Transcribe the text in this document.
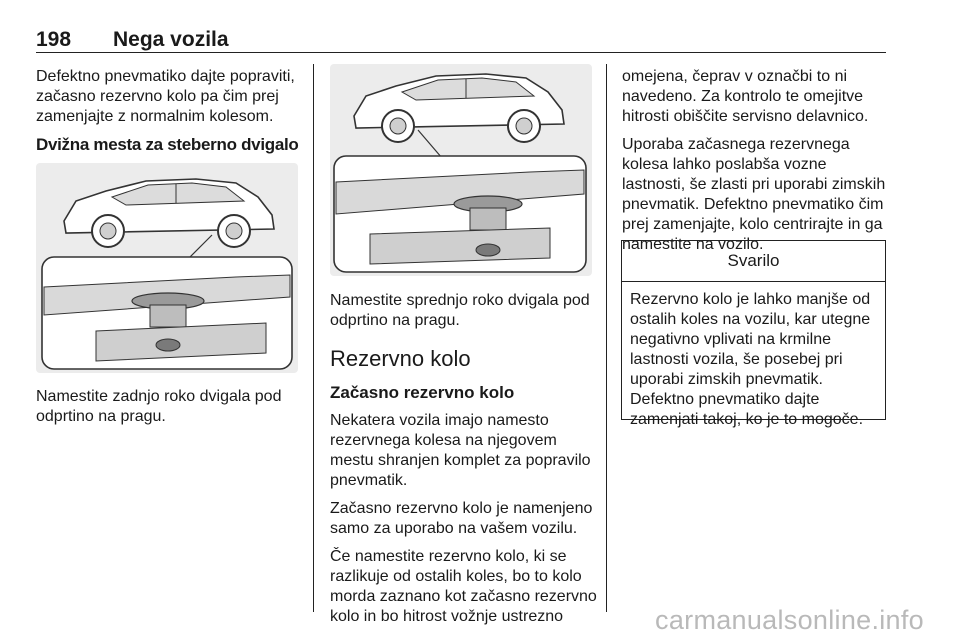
198 Nega vozila

Defektno pnevmatiko dajte popraviti,
začasno rezervno kolo pa čim prej
zamenjajte z normalnim kolesom.

Dvižna mesta za steberno dvigalo

Namestite zadnjo roko dvigala pod
odprtino na pragu.

Namestite sprednjo roko dvigala pod
odprtino na pragu.

Rezervno kolo
Začasno rezervno kolo

Nekatera vozila imajo namesto
rezervnega kolesa na njegovem
mestu shranjen komplet za popravilo
pnevmatik.

Začasno rezervno kolo je namenjeno
samo za uporabo na vašem vozilu.

Če namestite rezervno kolo, ki se
razlikuje od ostalih koles, bo to kolo
morda zaznano kot začasno rezervno
kolo in bo hitrost vožnje ustrezno

omejena, čeprav v označbi to ni
navedeno. Za kontrolo te omejitve
hitrosti obiščite servisno delavnico.

Uporaba začasnega rezervnega
kolesa lahko poslabša vozne
lastnosti, še zlasti pri uporabi zimskih
pnevmatik. Defektno pnevmatiko čim
prej zamenjajte, kolo centrirajte in ga
namestite na vozilo.

Svarilo
Rezervno kolo je lahko manjše od
ostalih koles na vozilu, kar utegne
negativno vplivati na krmilne
lastnosti vozila, še posebej pri
uporabi zimskih pnevmatik.
Defektno pnevmatiko dajte
zamenjati takoj, ko je to mogoče.
carmanualsonline.info
